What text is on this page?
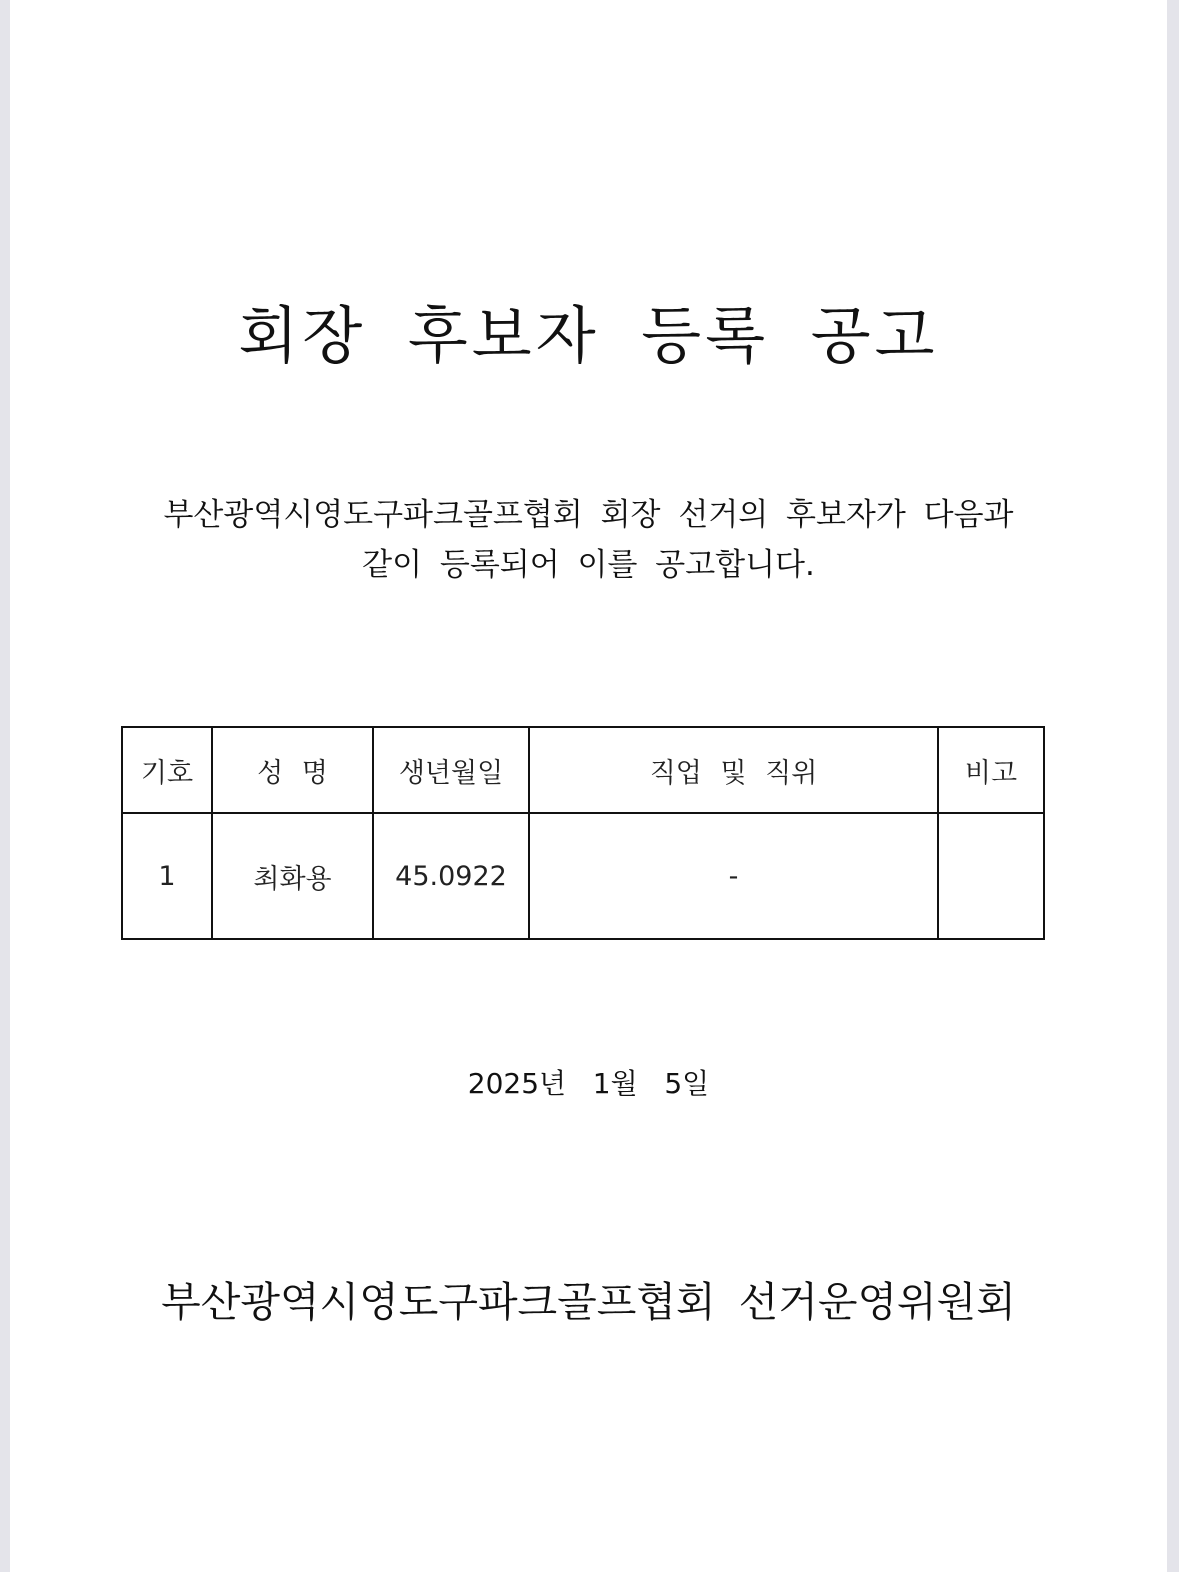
회장 후보자 등록 공고
부산광역시영도구파크골프협회 회장 선거의 후보자가 다음과
같이 등록되어 이를 공고합니다.
기호	성 명	생년월일	직업 및 직위	비고
1	최화용	45.0922	-	
2025년   1월   5일
부산광역시영도구파크골프협회 선거운영위원회
